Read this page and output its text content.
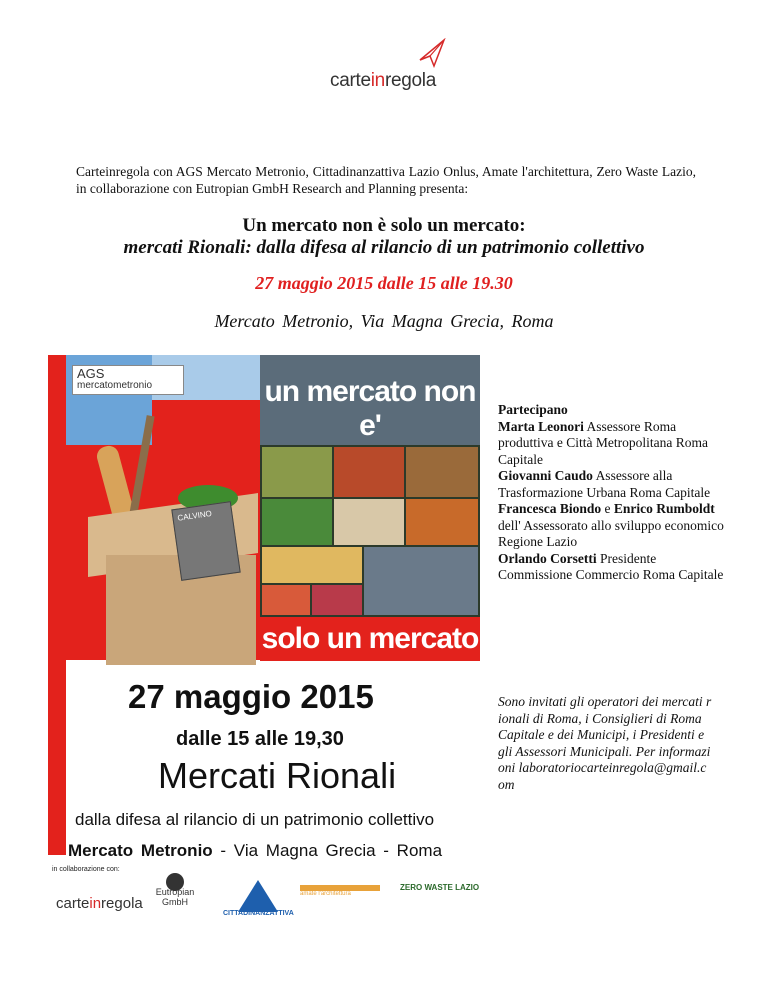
carteinregola
Carteinregola con AGS Mercato Metronio, Cittadinanzattiva Lazio Onlus, Amate l'architettura, Zero Waste Lazio, in collaborazione con Eutropian GmbH Research and Planning presenta:
Un mercato non è solo un mercato:
mercati Rionali: dalla difesa al rilancio di un patrimonio collettivo
27 maggio 2015 dalle 15 alle 19.30
Mercato Metronio, Via Magna Grecia, Roma
AGS
mercatometronio	un mercato non e'
solo un mercato
CALVINO
27 maggio 2015
dalle 15 alle 19,30
Mercati Rionali
dalla difesa al rilancio di un patrimonio collettivo
Mercato Metronio - Via Magna Grecia - Roma
in collaborazione con:
carteinregola
Eutropian GmbH
CITTADINANZATTIVA
amate l'architettura
ZERO WASTE LAZIO

Partecipano

Marta Leonori Assessore Roma produttiva e Città Metropolitana Roma Capitale

Giovanni Caudo Assessore alla Trasformazione Urbana Roma Capitale

Francesca Biondo e Enrico Rumboldt dell' Assessorato allo sviluppo economico Regione Lazio

Orlando Corsetti Presidente Commissione Commercio Roma Capitale

Sono invitati gli operatori dei mercati rionali di Roma, i Consiglieri di Roma Capitale e dei Municipi, i Presidenti e gli Assessori Municipali. Per informazioni laboratoriocarteinregola@gmail.com
